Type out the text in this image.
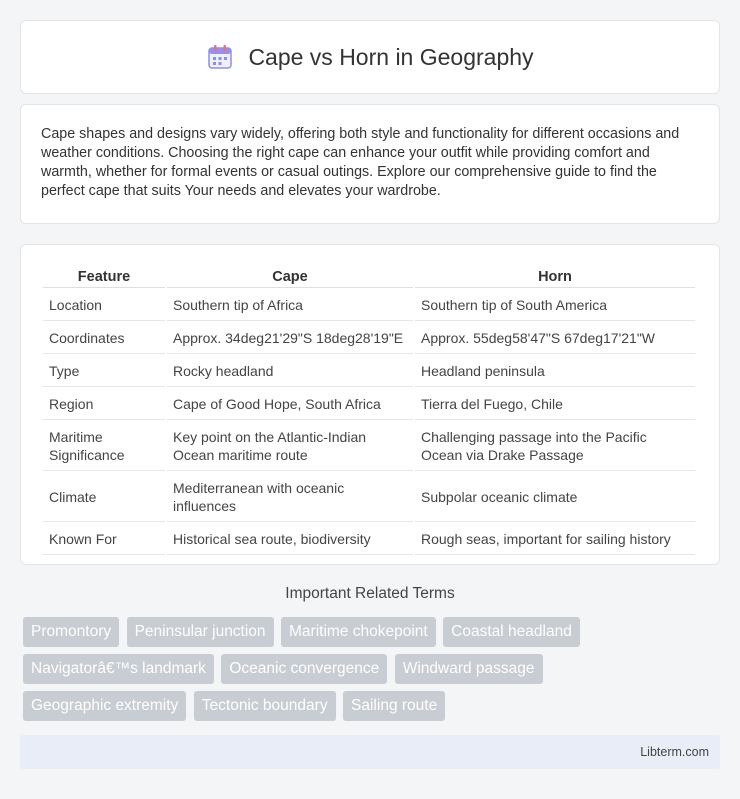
Cape vs Horn in Geography

Cape shapes and designs vary widely, offering both style and functionality for different occasions and weather conditions. Choosing the right cape can enhance your outfit while providing comfort and warmth, whether for formal events or casual outings. Explore our comprehensive guide to find the perfect cape that suits Your needs and elevates your wardrobe.

Feature	Cape	Horn
Location	Southern tip of Africa	Southern tip of South America
Coordinates	Approx. 34deg21'29"S 18deg28'19"E	Approx. 55deg58'47"S 67deg17'21"W
Type	Rocky headland	Headland peninsula
Region	Cape of Good Hope, South Africa	Tierra del Fuego, Chile
Maritime Significance	Key point on the Atlantic-Indian Ocean maritime route	Challenging passage into the Pacific Ocean via Drake Passage
Climate	Mediterranean with oceanic influences	Subpolar oceanic climate
Known For	Historical sea route, biodiversity	Rough seas, important for sailing history
Important Related Terms
Promontory Peninsular junction Maritime chokepoint Coastal headland
Navigatorâ€™s landmark Oceanic convergence Windward passage
Geographic extremity Tectonic boundary Sailing route
Libterm.com
